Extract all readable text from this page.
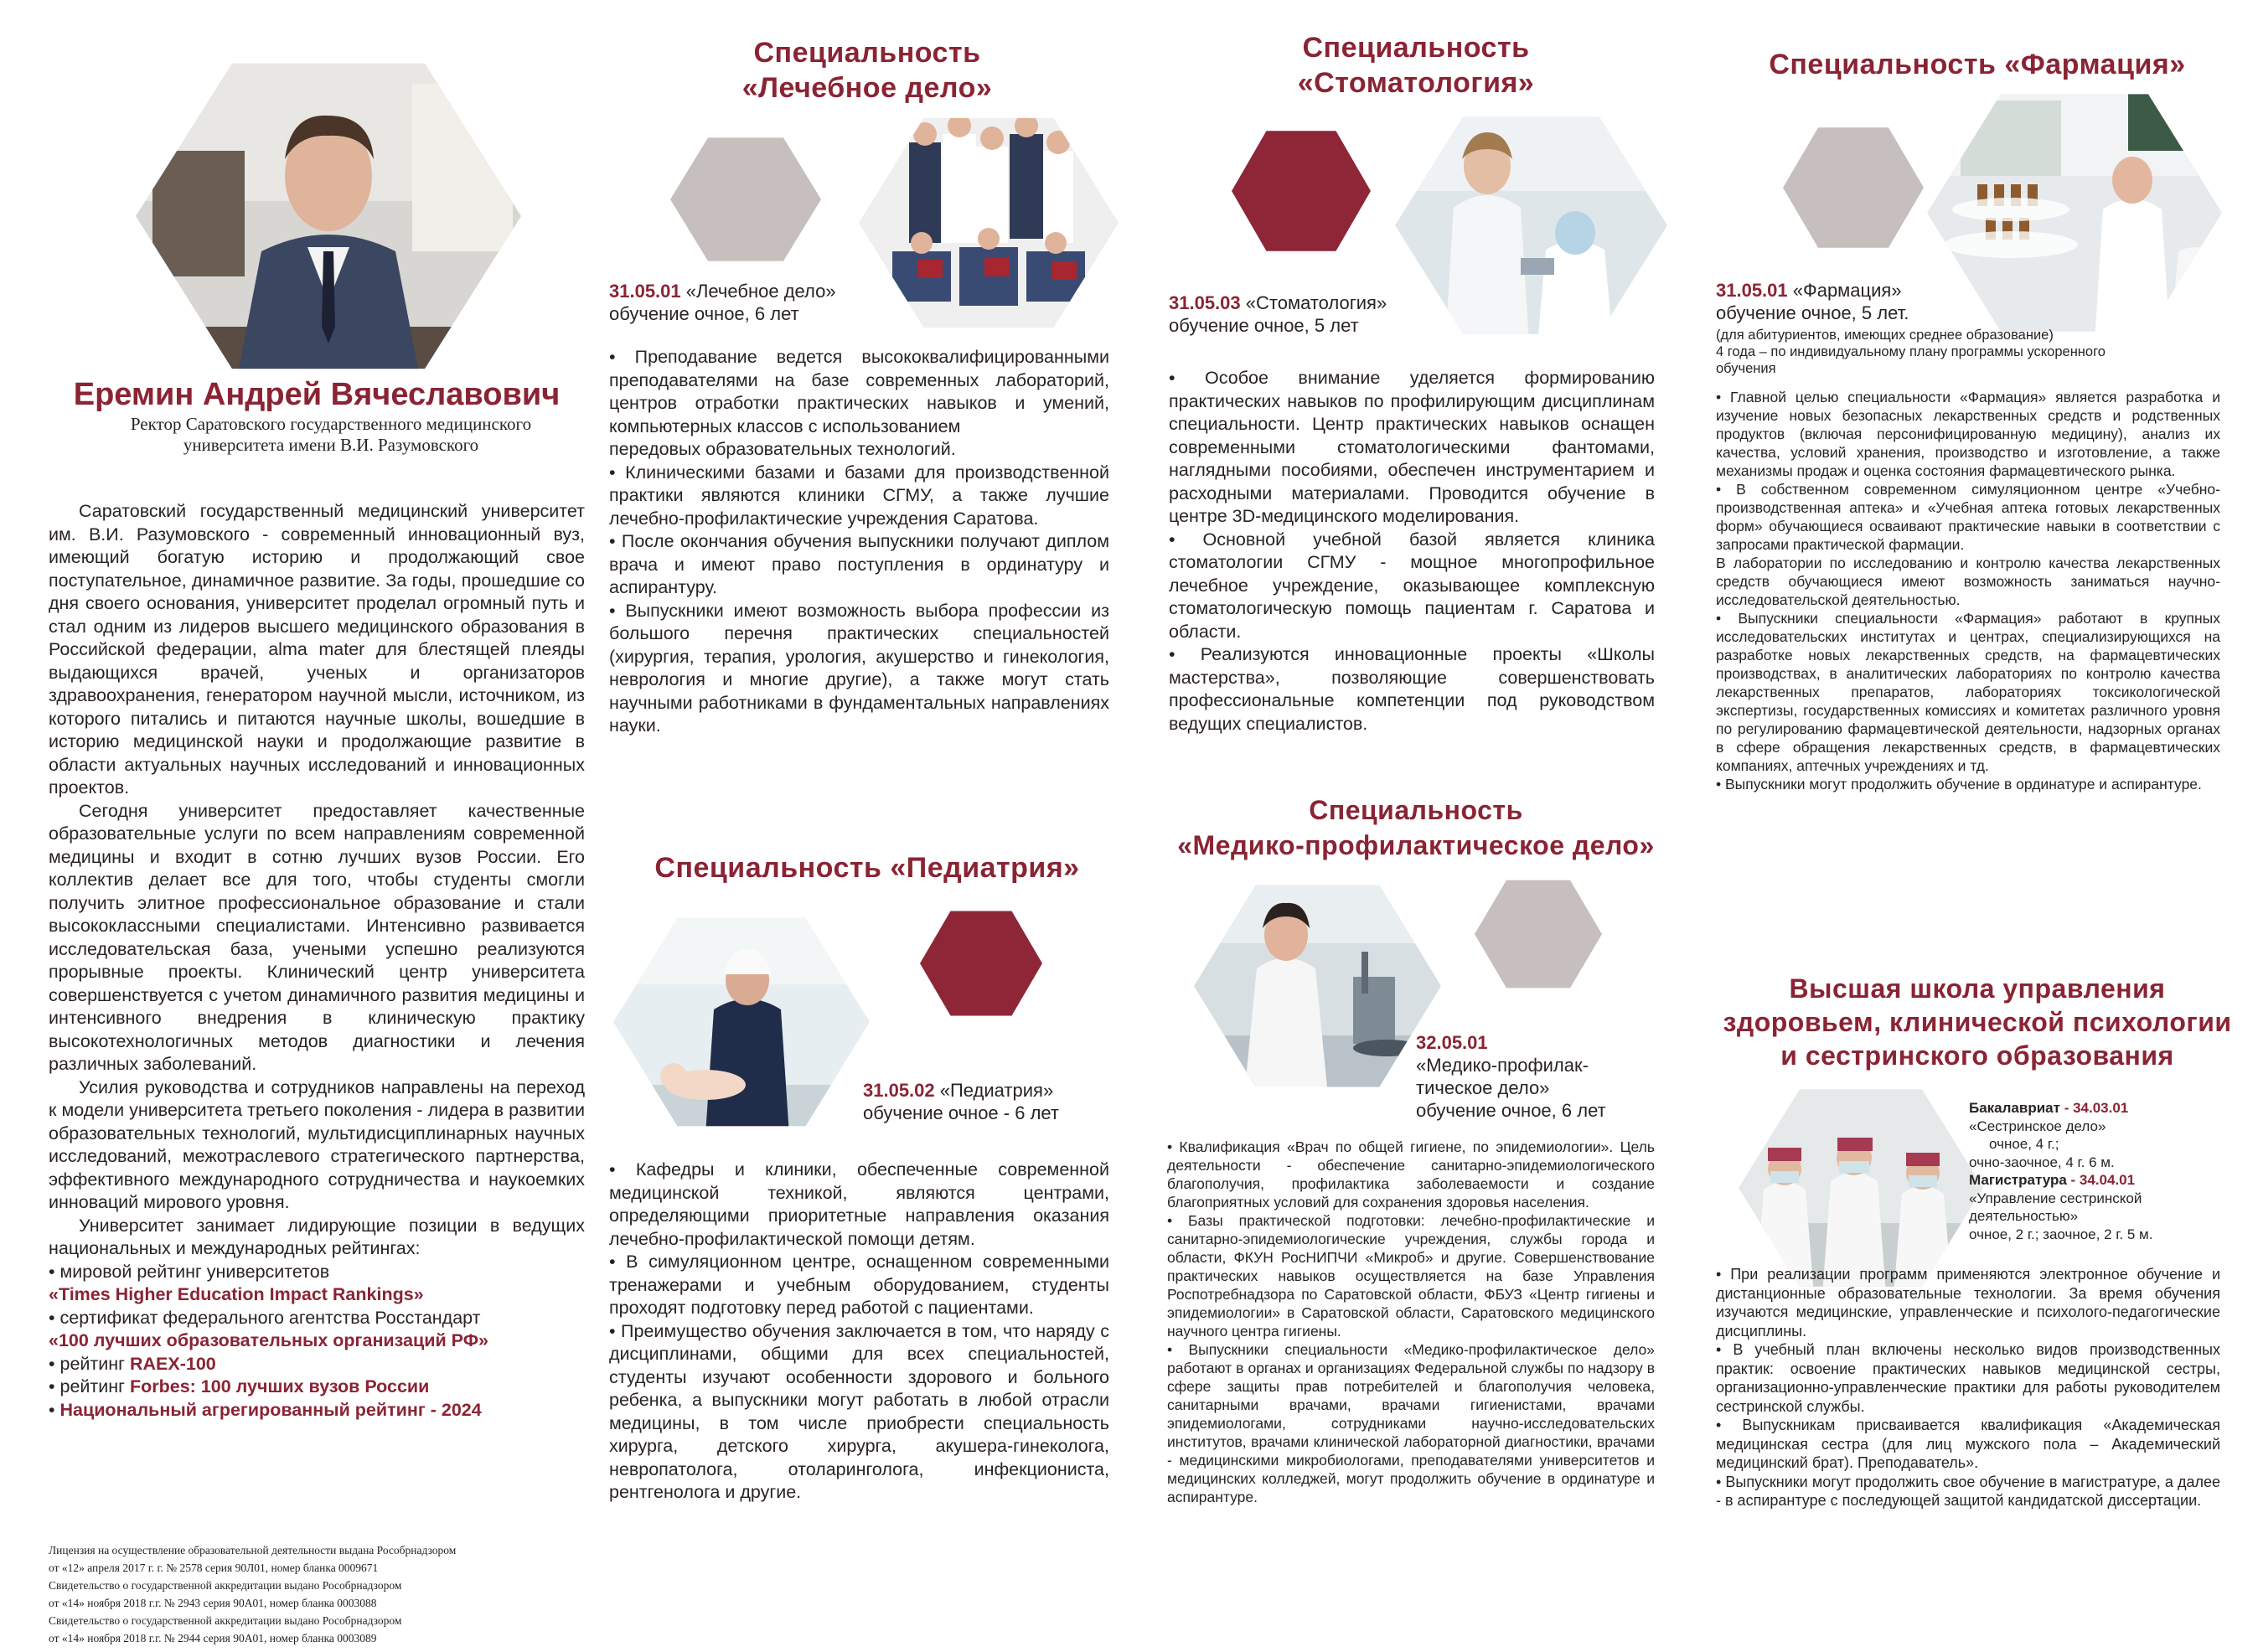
Еремин Андрей Вячеславович
Ректор Саратовского государственного медицинского университета имени В.И. Разумовского
Саратовский государственный медицинский университет им. В.И. Разумовского - современный инновационный вуз, имеющий богатую историю и продолжающий свое поступательное, динамичное развитие. За годы, прошедшие со дня своего основания, университет проделал огромный путь и стал одним из лидеров высшего медицинского образования в Российской федерации, alma mater для блестящей плеяды выдающихся врачей, ученых и организаторов здравоохранения, генератором научной мысли, источником, из которого питались и питаются научные школы, вошедшие в историю медицинской науки и продолжающие развитие в области актуальных научных исследований и инновационных проектов.
Сегодня университет предоставляет качественные образовательные услуги по всем направлениям современной медицины и входит в сотню лучших вузов России. Его коллектив делает все для того, чтобы студенты смогли получить элитное профессиональное образование и стали высококлассными специалистами. Интенсивно развивается исследовательская база, учеными успешно реализуются прорывные проекты. Клинический центр университета совершенствуется с учетом динамичного развития медицины и интенсивного внедрения в клиническую практику высокотехнологичных методов диагностики и лечения различных заболеваний.
Усилия руководства и сотрудников направлены на переход к модели университета третьего поколения - лидера в развитии образовательных технологий, мультидисциплинарных научных исследований, межотраслевого стратегического партнерства, эффективного международного сотрудничества и наукоемких инноваций мирового уровня.
Университет занимает лидирующие позиции в ведущих национальных и международных рейтингах:
• мировой рейтинг университетов
«Times Higher Education Impact Rankings»
• сертификат федерального агентства Росстандарт
«100 лучших образовательных организаций РФ»
• рейтинг RAEX-100
• рейтинг Forbes: 100 лучших вузов России
• Национальный агрегированный рейтинг - 2024
Лицензия на осуществление образовательной деятельности выдана Рособрнадзором
от «12» апреля 2017 г. г. № 2578 серия 90Л01, номер бланка 0009671
Свидетельство о государственной аккредитации выдано Рособрнадзором
от «14» ноября 2018 г.г. № 2943 серия 90А01, номер бланка 0003088
Свидетельство о государственной аккредитации выдано Рособрнадзором
от «14» ноября 2018 г.г. № 2944 серия 90А01, номер бланка 0003089
Специальность
«Лечебное дело»
31.05.01 «Лечебное дело»
обучение очное, 6 лет
• Преподавание ведется высококвалифицированными преподавателями на базе современных лабораторий, центров отработки практических навыков и умений, компьютерных классов с использованием
передовых образовательных технологий.
• Клиническими базами и базами для производственной практики являются клиники СГМУ, а также лучшие лечебно-профилактические учреждения Саратова.
• После окончания обучения выпускники получают диплом врача и имеют право поступления в ординатуру и аспирантуру.
• Выпускники имеют возможность выбора профессии из большого перечня практических специальностей (хирургия, терапия, урология, акушерство и гинекология, неврология и многие другие), а также могут стать научными работниками в фундаментальных направлениях науки.
Специальность «Педиатрия»
31.05.02 «Педиатрия»
обучение очное - 6 лет
• Кафедры и клиники, обеспеченные современной медицинской техникой, являются центрами, определяющими приоритетные направления оказания лечебно-профилактической помощи детям.
• В симуляционном центре, оснащенном современными тренажерами и учебным оборудованием, студенты проходят подготовку перед работой с пациентами.
• Преимущество обучения заключается в том, что наряду с дисциплинами, общими для всех специальностей, студенты изучают особенности здорового и больного ребенка, а выпускники могут работать в любой отрасли медицины, в том числе приобрести специальность хирурга, детского хирурга, акушера-гинеколога, невропатолога, отоларинголога, инфекциониста, рентгенолога и другие.
Специальность
«Стоматология»
31.05.03 «Стоматология»
обучение очное, 5 лет
• Особое внимание уделяется формированию практических навыков по профилирующим дисциплинам специальности. Центр практических навыков оснащен современными стоматологическими фантомами, наглядными пособиями, обеспечен инструментарием и расходными материалами. Проводится обучение в центре 3D-медицинского моделирования.
• Основной учебной базой является клиника стоматологии СГМУ - мощное многопрофильное лечебное учреждение, оказывающее комплексную стоматологическую помощь пациентам г. Саратова и области.
• Реализуются инновационные проекты «Школы мастерства», позволяющие совершенствовать профессиональные компетенции под руководством ведущих специалистов.
Специальность
«Медико-профилактическое дело»
32.05.01
«Медико-профилак-
тическое дело»
обучение очное, 6 лет
• Квалификация «Врач по общей гигиене, по эпидемиологии». Цель деятельности - обеспечение санитарно-эпидемиологического благополучия, профилактика заболеваемости и создание благоприятных условий для сохранения здоровья населения.
• Базы практической подготовки: лечебно-профилактические и санитарно-эпидемиологические учреждения, службы города и области, ФКУН РосНИПЧИ «Микроб» и другие. Совершенствование практических навыков осуществляется на базе Управления Роспотребнадзора по Саратовской области, ФБУЗ «Центр гигиены и эпидемиологии» в Саратовской области, Саратовского медицинского научного центра гигиены.
• Выпускники специальности «Медико-профилактическое дело» работают в органах и организациях Федеральной службы по надзору в сфере защиты прав потребителей и благополучия человека, санитарными врачами, врачами гигиенистами, врачами эпидемиологами, сотрудниками научно-исследовательских институтов, врачами клинической лабораторной диагностики, врачами - медицинскими микробиологами, преподавателями университетов и медицинских колледжей, могут продолжить обучение в ординатуре и аспирантуре.
Специальность «Фармация»
31.05.01 «Фармация»
обучение очное, 5 лет.
(для абитуриентов, имеющих среднее образование)
4 года – по индивидуальному плану программы ускоренного обучения
• Главной целью специальности «Фармация» является разработка и изучение новых безопасных лекарственных средств и родственных продуктов (включая персонифицированную медицину), анализ их качества, условий хранения, производство и изготовление, а также механизмы продаж и оценка состояния фармацевтического рынка.
• В собственном современном симуляционном центре «Учебно-производственная аптека» и «Учебная аптека готовых лекарственных форм» обучающиеся осваивают практические навыки в соответствии с запросами практической фармации.
В лаборатории по исследованию и контролю качества лекарственных средств обучающиеся имеют возможность заниматься научно-исследовательской деятельностью.
• Выпускники специальности «Фармация» работают в крупных исследовательских институтах и центрах, специализирующихся на разработке новых лекарственных средств, на фармацевтических производствах, в аналитических лабораториях по контролю качества лекарственных препаратов, лабораториях токсикологической экспертизы, государственных комиссиях и комитетах различного уровня по регулированию фармацевтической деятельности, надзорных органах в сфере обращения лекарственных средств, в фармацевтических компаниях, аптечных учреждениях и тд.
• Выпускники могут продолжить обучение в ординатуре и аспирантуре.
Высшая школа управления
здоровьем, клинической психологии
и сестринского образования
Бакалавриат - 34.03.01
«Сестринское дело»
очное, 4 г.;
очно-заочное, 4 г. 6 м.
Магистратура - 34.04.01
«Управление сестринской
деятельностью»
очное, 2 г.; заочное, 2 г. 5 м.
• При реализации программ применяются электронное обучение и дистанционные образовательные технологии. За время обучения изучаются медицинские, управленческие и психолого-педагогические дисциплины.
• В учебный план включены несколько видов производственных практик: освоение практических навыков медицинской сестры, организационно-управленческие практики для работы руководителем сестринской службы.
• Выпускникам присваивается квалификация «Академическая медицинская сестра (для лиц мужского пола – Академический медицинский брат). Преподаватель».
• Выпускники могут продолжить свое обучение в магистратуре, а далее - в аспирантуре с последующей защитой кандидатской диссертации.
